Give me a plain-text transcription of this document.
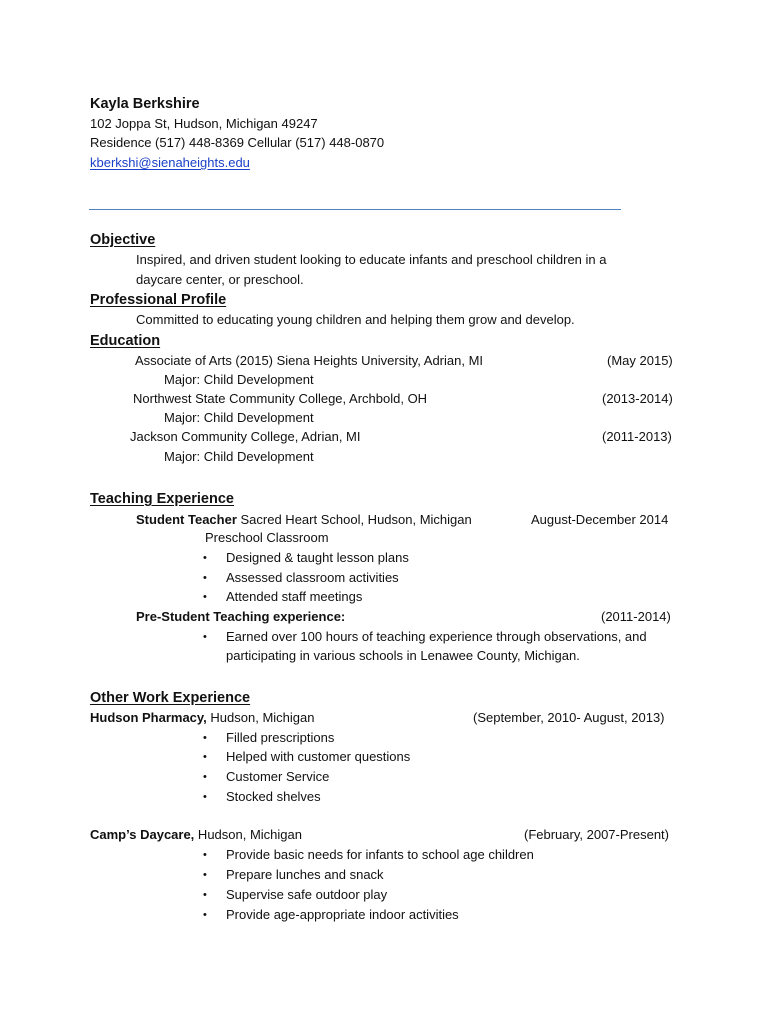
Kayla Berkshire
102 Joppa St, Hudson, Michigan 49247
Residence (517) 448-8369 Cellular (517) 448-0870
kberkshi@sienaheights.edu
Objective
Inspired, and driven student looking to educate infants and preschool children in a
daycare center, or preschool.
Professional Profile
Committed to educating young children and helping them grow and develop.
Education
Associate of Arts (2015) Siena Heights University, Adrian, MI	(May 2015)
Major: Child Development
Northwest State Community College, Archbold, OH	(2013-2014)
Major: Child Development
Jackson Community College, Adrian, MI	(2011-2013)
Major: Child Development
Teaching Experience
Student Teacher Sacred Heart School, Hudson, Michigan	August-December 2014
Preschool Classroom
• Designed & taught lesson plans
• Assessed classroom activities
• Attended staff meetings
Pre-Student Teaching experience:	(2011-2014)
• Earned over 100 hours of teaching experience through observations, and
participating in various schools in Lenawee County, Michigan.
Other Work Experience
Hudson Pharmacy, Hudson, Michigan	(September, 2010- August, 2013)
• Filled prescriptions
• Helped with customer questions
• Customer Service
• Stocked shelves
Camp’s Daycare, Hudson, Michigan	(February, 2007-Present)
• Provide basic needs for infants to school age children
• Prepare lunches and snack
• Supervise safe outdoor play
• Provide age-appropriate indoor activities
